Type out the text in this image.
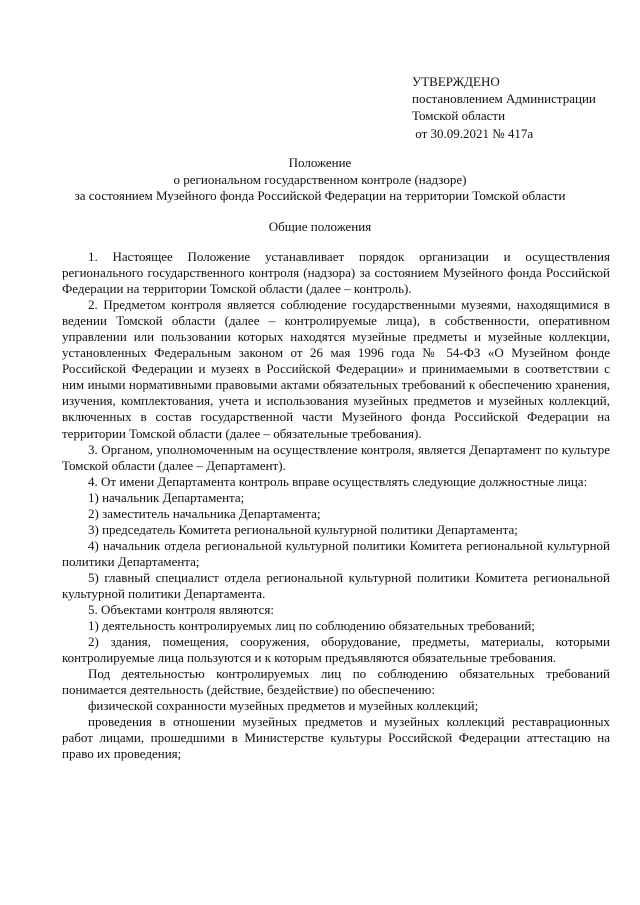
УТВЕРЖДЕНО
постановлением Администрации
Томской области
от 30.09.2021 № 417а
Положение
о региональном государственном контроле (надзоре)
за состоянием Музейного фонда Российской Федерации на территории Томской области
Общие положения

1. Настоящее Положение устанавливает порядок организации и осуществления регионального государственного контроля (надзора) за состоянием Музейного фонда Российской Федерации на территории Томской области (далее – контроль).

2. Предметом контроля является соблюдение государственными музеями, находящимися в ведении Томской области (далее – контролируемые лица), в собственности, оперативном управлении или пользовании которых находятся музейные предметы и музейные коллекции, установленных Федеральным законом от 26 мая 1996 года № 54-ФЗ «О Музейном фонде Российской Федерации и музеях в Российской Федерации» и принимаемыми в соответствии с ним иными нормативными правовыми актами обязательных требований к обеспечению хранения, изучения, комплектования, учета и использования музейных предметов и музейных коллекций, включенных в состав государственной части Музейного фонда Российской Федерации на территории Томской области (далее – обязательные требования).

3. Органом, уполномоченным на осуществление контроля, является Департамент по культуре Томской области (далее – Департамент).

4. От имени Департамента контроль вправе осуществлять следующие должностные лица:

1) начальник Департамента;

2) заместитель начальника Департамента;

3) председатель Комитета региональной культурной политики Департамента;

4) начальник отдела региональной культурной политики Комитета региональной культурной политики Департамента;

5) главный специалист отдела региональной культурной политики Комитета региональной культурной политики Департамента.

5. Объектами контроля являются:

1) деятельность контролируемых лиц по соблюдению обязательных требований;

2) здания, помещения, сооружения, оборудование, предметы, материалы, которыми контролируемые лица пользуются и к которым предъявляются обязательные требования.

Под деятельностью контролируемых лиц по соблюдению обязательных требований понимается деятельность (действие, бездействие) по обеспечению:

физической сохранности музейных предметов и музейных коллекций;

проведения в отношении музейных предметов и музейных коллекций реставрационных работ лицами, прошедшими в Министерстве культуры Российской Федерации аттестацию на право их проведения;
